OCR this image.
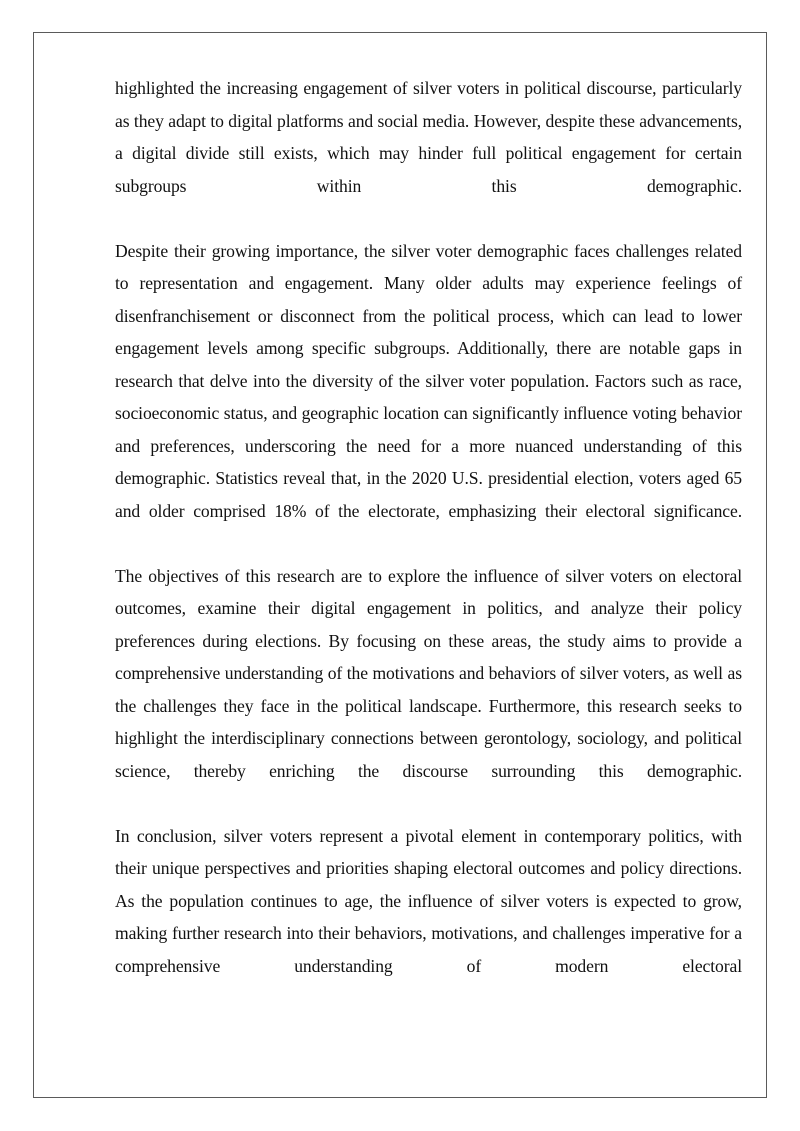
highlighted the increasing engagement of silver voters in political discourse, particularly as they adapt to digital platforms and social media. However, despite these advancements, a digital divide still exists, which may hinder full political engagement for certain subgroups within this demographic.

Despite their growing importance, the silver voter demographic faces challenges related to representation and engagement. Many older adults may experience feelings of disenfranchisement or disconnect from the political process, which can lead to lower engagement levels among specific subgroups. Additionally, there are notable gaps in research that delve into the diversity of the silver voter population. Factors such as race, socioeconomic status, and geographic location can significantly influence voting behavior and preferences, underscoring the need for a more nuanced understanding of this demographic. Statistics reveal that, in the 2020 U.S. presidential election, voters aged 65 and older comprised 18% of the electorate, emphasizing their electoral significance.

The objectives of this research are to explore the influence of silver voters on electoral outcomes, examine their digital engagement in politics, and analyze their policy preferences during elections. By focusing on these areas, the study aims to provide a comprehensive understanding of the motivations and behaviors of silver voters, as well as the challenges they face in the political landscape. Furthermore, this research seeks to highlight the interdisciplinary connections between gerontology, sociology, and political science, thereby enriching the discourse surrounding this demographic.

In conclusion, silver voters represent a pivotal element in contemporary politics, with their unique perspectives and priorities shaping electoral outcomes and policy directions. As the population continues to age, the influence of silver voters is expected to grow, making further research into their behaviors, motivations, and challenges imperative for a comprehensive understanding of modern electoral
